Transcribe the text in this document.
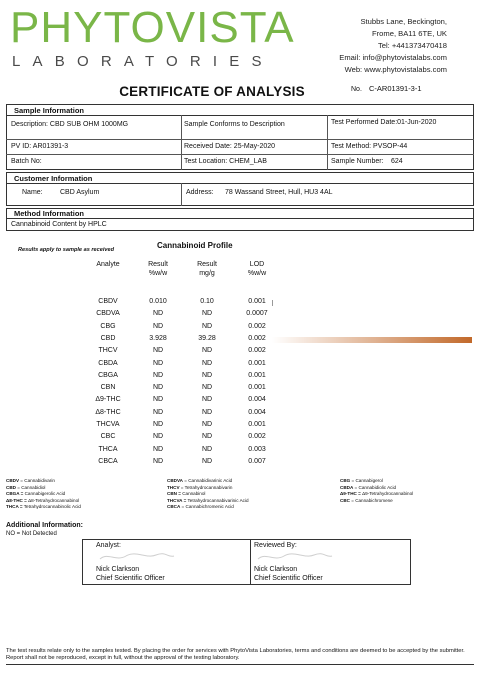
PHYTOVISTA
LABORATORIES
Stubbs Lane, Beckington,
Frome, BA11 6TE, UK
Tel: +441373470418
Email: info@phytovistalabs.com
Web: www.phytovistalabs.com
CERTIFICATE OF ANALYSIS	No. C-AR01391-3-1
Sample Information
Description: CBD SUB OHM 1000MG	Sample Conforms to Description	Test Performed Date:01-Jun-2020
PV ID: AR01391-3	Received Date: 25-May-2020	Test Method: PVSOP-44
Batch No:	Test Location: CHEM_LAB	Sample Number: 624
Customer Information
Name: CBD Asylum	Address: 78 Wassand Street, Hull, HU3 4AL
Method Information
Cannabinoid Content by HPLC
Results apply to sample as received	Cannabinoid Profile
Analyte	Result
%w/w
Result
mg/g
LOD
%w/w
CBDV	0.010	0.10	0.001
CBDVA	ND	ND	0.0007
CBG	ND	ND	0.002
CBD	3.928	39.28	0.002
THCV	ND	ND	0.002
CBDA	ND	ND	0.001
CBGA	ND	ND	0.001
CBN	ND	ND	0.001
Δ9-THC	ND	ND	0.004
Δ8-THC	ND	ND	0.004
THCVA	ND	ND	0.001
CBC	ND	ND	0.002
THCA	ND	ND	0.003
CBCA	ND	ND	0.007
CBDV = Cannabidivarin
CBD = Cannabidiol
CBGA = Cannabigerolic Acid
Δ8-THC = Δ8-Tetrahydrocannabinol
THCA = Tetrahydrocannabinolic Acid
CBDVA = Cannabidivarinic Acid
THCV = Tetrahydrocannabivarin
CBN = Cannabinol
THCVA = Tetrahydrocannabivarinic Acid
CBCA = Cannabichromenic Acid
CBG = Cannabigerol
CBDA = Cannabidiolic Acid
Δ9-THC = Δ9-Tetrahydrocannabinol
CBC = Cannabichromene
Additional Information:
NO = Not Detected
Analyst:
Nick Clarkson
Chief Scientific Officer
Reviewed By:
Nick Clarkson
Chief Scientific Officer
The test results relate only to the samples tested. By placing the order for services with PhytoVista Laboratories, terms and conditions are deemed to be accepted by the submitter. Report shall not be reproduced, except in full, without the approval of the testing laboratory.
